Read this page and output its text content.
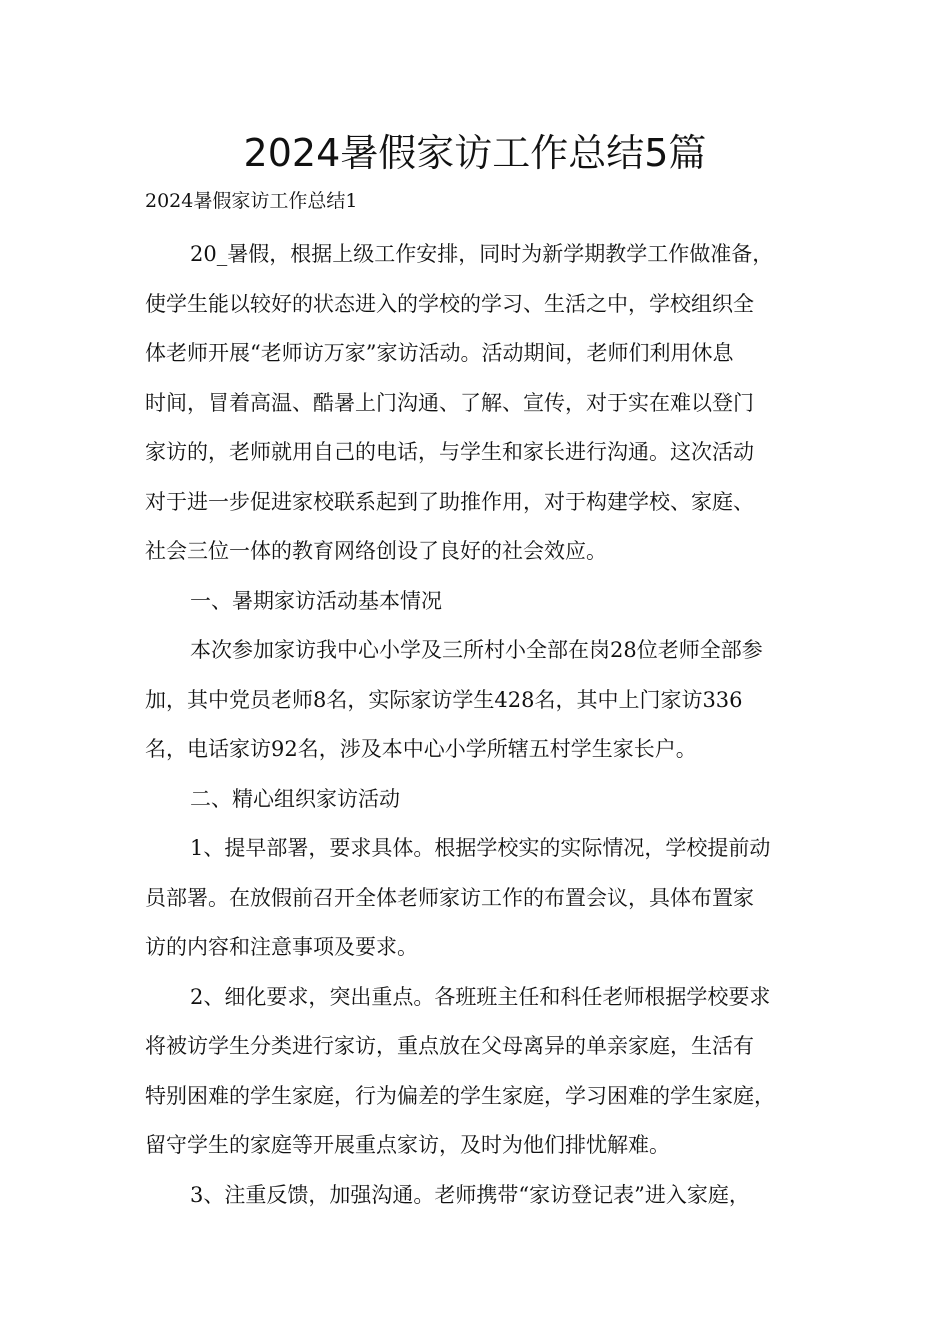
2024暑假家访工作总结5篇

2024暑假家访工作总结1

20_暑假，根据上级工作安排，同时为新学期教学工作做准备，
使学生能以较好的状态进入的学校的学习、生活之中，学校组织全
体老师开展“老师访万家”家访活动。活动期间，老师们利用休息
时间，冒着高温、酷暑上门沟通、了解、宣传，对于实在难以登门
家访的，老师就用自己的电话，与学生和家长进行沟通。这次活动
对于进一步促进家校联系起到了助推作用，对于构建学校、家庭、
社会三位一体的教育网络创设了良好的社会效应。
一、暑期家访活动基本情况
本次参加家访我中心小学及三所村小全部在岗28位老师全部参
加，其中党员老师8名，实际家访学生428名，其中上门家访336
名，电话家访92名，涉及本中心小学所辖五村学生家长户。
二、精心组织家访活动
1、提早部署，要求具体。根据学校实的实际情况，学校提前动
员部署。在放假前召开全体老师家访工作的布置会议，具体布置家
访的内容和注意事项及要求。
2、细化要求，突出重点。各班班主任和科任老师根据学校要求
将被访学生分类进行家访，重点放在父母离异的单亲家庭，生活有
特别困难的学生家庭，行为偏差的学生家庭，学习困难的学生家庭，
留守学生的家庭等开展重点家访，及时为他们排忧解难。
3、注重反馈，加强沟通。老师携带“家访登记表”进入家庭，
